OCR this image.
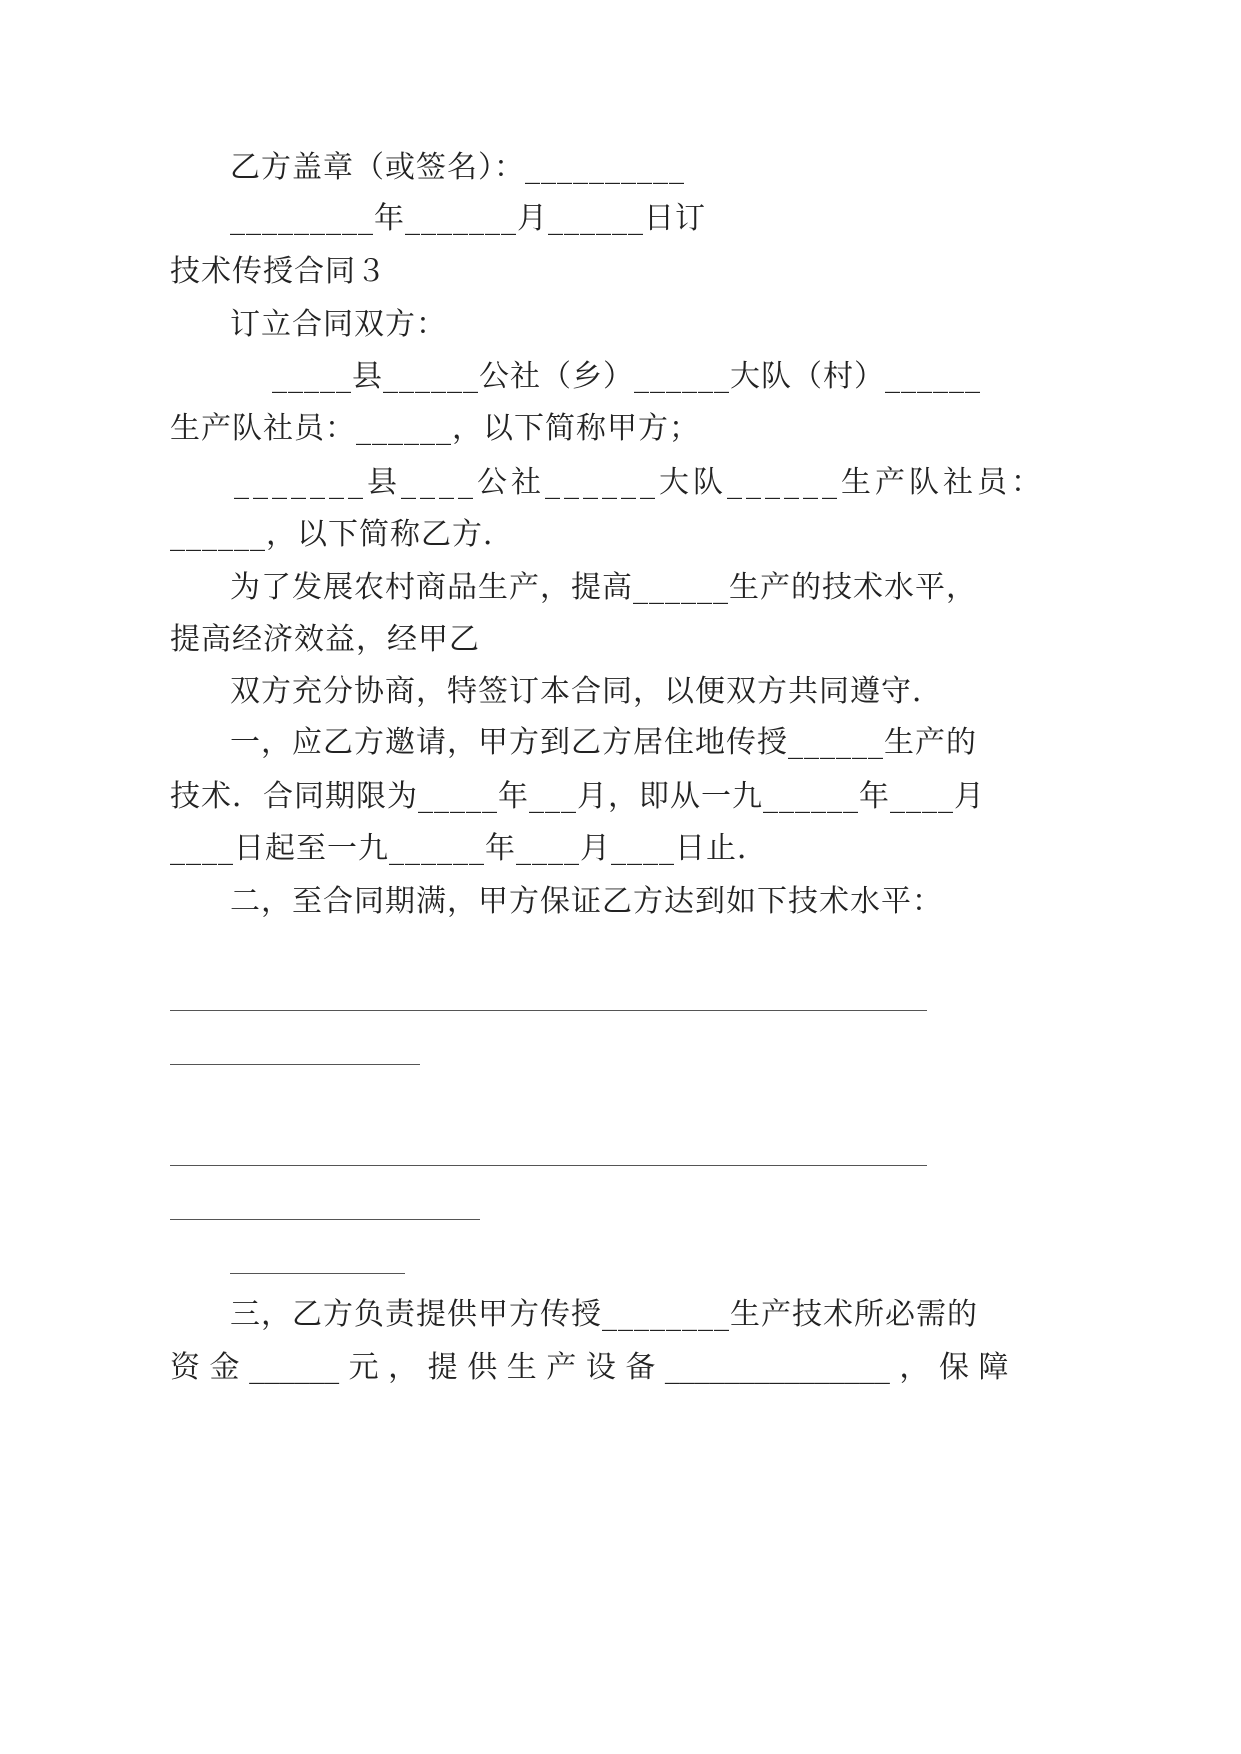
乙方盖章（或签名）：__________
_________年_______月______日订
技术传授合同３
订立合同双方：
_____县______公社（乡）______大队（村）______
生产队社员：______，以下简称甲方；
_______县____公社______大队______生产队社员：
______，以下简称乙方．
为了发展农村商品生产，提高______生产的技术水平，
提高经济效益，经甲乙
双方充分协商，特签订本合同，以便双方共同遵守．
一，应乙方邀请，甲方到乙方居住地传授______生产的
技术．合同期限为_____年___月，即从一九______年____月
____日起至一九______年____月____日止．
二，至合同期满，甲方保证乙方达到如下技术水平：
三，乙方负责提供甲方传授________生产技术所必需的
资 金 ______ 元 ， 提 供 生 产 设 备 _______________ ， 保 障
